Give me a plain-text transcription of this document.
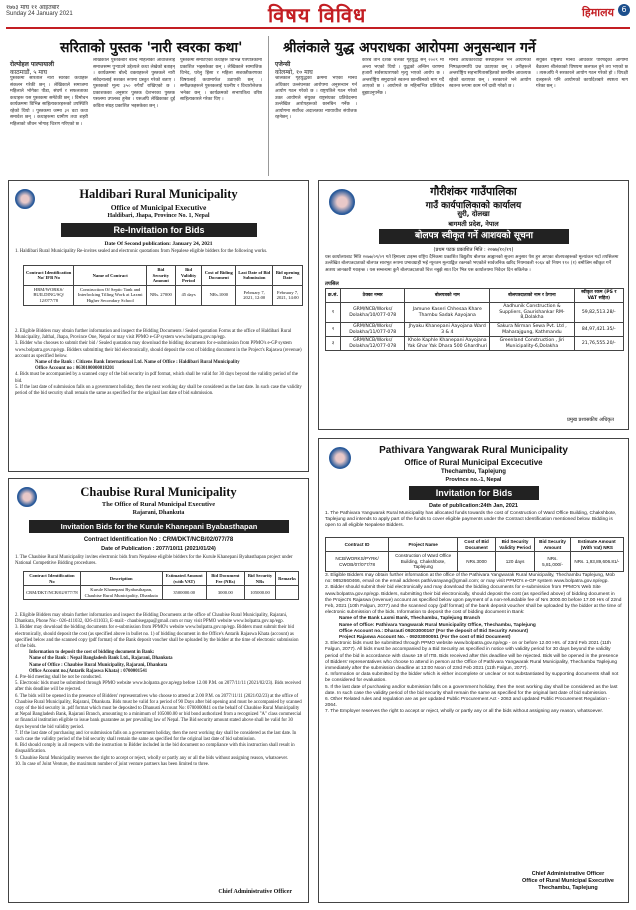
१७७३ माघ ११ आइतबार
Sunday 24 January 2021	विषय विविध	हिमालय 6
सरिताको पुस्तक 'नारी स्वरका कथा'
रोल्पोहल पाल्पायाली
काठमाडौं, ५ माघ
पुस्तकमा सरिताले नारी स्वरका कथाहरू संकलन गरेकी छन् । लेखिकाले समाजमा महिलाले भोगेका पीडा, संघर्ष र सफलताका कथाहरू यस पुस्तकमा समेटेकी छन् । विमोचन कार्यक्रममा विभिन्न साहित्यकारहरूको उपस्थिति रहेको थियो । पुस्तकमा जम्मा ३२ वटा कथा समावेश छन् । कथाहरूमा ग्रामीण तथा शहरी महिलाको जीवन भोगाइ चित्रण गरिएको छ ।
लेखिकाले पुस्तकबारे बोल्दै महिलाको आवाजलाई समाजसम्म पुर्‍याउने उद्देश्यले कथा लेखेको बताइन् । कार्यक्रममा बोल्दै वक्ताहरूले पुस्तकले नारी संवेदनालाई सशक्त रूपमा प्रस्तुत गरेको बताए । पुस्तकको मूल्य ३५० रुपैयाँ राखिएको छ । प्रकाशकका अनुसार पुस्तक देशभरका पुस्तक पसलमा उपलब्ध हुनेछ । यसअघि लेखिकाका दुई कविता संग्रह प्रकाशित भइसकेका छन् ।
पुस्तकमा समेटिएका कथाहरू विभिन्न पत्रपत्रिकामा प्रकाशित भइसकेका छन् । लेखिकाले सामाजिक विभेद, घरेलु हिंसा र महिला सशक्तीकरणका विषयलाई कथामार्फत उठाएकी छन् । समीक्षकहरूले पुस्तकलाई पठनीय र विचारोत्तेजक भनेका छन् । कार्यक्रमको सभापतित्व वरिष्ठ साहित्यकारले गरेका थिए ।
श्रीलंकाले युद्ध अपराधका आरोपमा अनुसन्धान गर्ने
एजेन्सी
कोलम्बो, १० माघ
श्रीलंकाले गृहयुद्धका क्रममा भएका मानव अधिकार उल्लंघनका आरोपमा अनुसन्धान गर्न आयोग गठन गरेको छ । राष्ट्रपतिले गठन गरेको उक्त आयोगले संयुक्त राष्ट्रसंघका प्रतिवेदनमा उल्लेखित आरोपहरूको छानबिन गर्नेछ । आयोगमा सर्वोच्च अदालतका न्यायाधीश संयोजक रहनेछन् ।
करिब तीन दशक चलेको गृहयुद्ध सन् २००९ मा अन्त्य भएको थियो । युद्धको अन्तिम चरणमा हजारौं सर्वसाधारणको मृत्यु भएको आरोप छ । अन्तर्राष्ट्रिय समुदायले स्वतन्त्र छानबिनको माग गर्दै आएको छ । आयोगले छ महिनाभित्र प्रतिवेदन बुझाउनुपर्नेछ ।
मानव अधिकारवादी संस्थाहरूले भने आयोगको निष्पक्षतामाथि प्रश्न उठाएका छन् । उनीहरूले अन्तर्राष्ट्रिय सहभागितासहितको छानबिन आवश्यक रहेको बताएका छन् । सरकारले भने आयोग स्वतन्त्र रूपमा काम गर्ने दाबी गरेको छ ।
संयुक्त राष्ट्रसंघ मानव अधिकार परिषद्को आगामी बैठकमा श्रीलंकाको विषयमा छलफल हुने तय भएको छ । त्यसअघि नै सरकारले आयोग गठन गरेको हो । विपक्षी दलहरूले पनि आयोगको कार्यादेशबारे स्पष्टता माग गरेका छन् ।
Haldibari Rural Municipality
Office of Municipal Executive
Haldibari, Jhapa, Province No. 1, Nepal
Re-Invitation for Bids
Date Of Second publication: January 24, 2021
1. Haldibari Rural Municipality Re-invites sealed and electronic quotations from Nepalese eligible bidders for the following works.
Contract Identification No/ IFB No	Name of Contract	Bid Security Amount	Bid Validity Period	Cost of Biding Document	Last Date of Bid Submission	Bid opening Date
HRM/WORKS/ BUILDING/SQ/ 12/077/78	Construction Of Septic Tank and Interlocking Tilling Work at Laxmi Higher Secondary School	NRs. 27000	45 days	NRs.1000	February 7, 2021, 12:00	February 7, 2021, 14:00
2. Eligible Bidders may obtain further information and inspect the Bidding Documents / Sealed quotation Forms at the office of Haldibari Rural Municipality, Jalthal, Jhapa, Province One, Nepal or may visit PPMO e-GP system www.bolpatra.gov.np/egp.
3. Bidder who chooses to submit their bid / Sealed quotation may download the bidding documents for e-submission from PPMO's e-GP system www.bolpatra.gov.np/egp. Bidders submitting their bid electronically, should deposit the cost of bidding document in the Project's Rajaswa (revenue) account as specified below.
Name of the Bank : Citizens Bank International Ltd. Name of Office : Haldibari Rural Municipality
Office Account no : 0630100000018201
4. Bids must be accompanied by a scanned copy of the bid security in pdf format, which shall be valid for 30 days beyond the validity period of the bid.
5. If the last date of submission falls on a government holiday, then the next working day shall be considered as the last date. In such case the validity period of the bid security shall remain the same as specified for the original last date of bid submission.
गौरीशंकर गाउँपालिका
गाउँ कार्यपालिकाको कार्यालय
सुरी, दोलखा
बागमती प्रदेश, नेपाल
बोलपत्र स्वीकृत गर्ने आशयको सूचना
(प्रथम पटक प्रकाशित मिति : २०७७/१०/११)
यस कार्यालयबाट मिति २०७७/०९/०९ गते हिमालय टाइम्स राष्ट्रिय दैनिकमा प्रकाशित विद्युतीय बोलपत्र आह्वानको सूचना अनुसार पेश हुन आएका बोलपत्रहरूको मूल्यांकन गर्दा तपसिलमा उल्लेखित बोलपत्रदाताको बोलपत्र सारभूत रूपमा प्रभावग्राही भई न्यूनतम मूल्याङ्कित रकमको भएकोले सार्वजनिक खरिद नियमावली २०६४ को नियम ११० (१) बमोजिम स्वीकृत गर्ने आशय जानकारी गराइन्छ । यस सम्बन्धमा कुनै बोलपत्रदाताको चित्त नबुझे सात दिन भित्र यस कार्यालयमा निवेदन दिन सकिनेछ ।
तपसिल
क्र.सं.	ठेक्का नम्बर	बोलपत्रको नाम	बोलपत्रदाताको नाम र ठेगाना	स्वीकृत रकम (PS र VAT सहित)
१	GRM/NCB/Works/ Dolakha/10/077-078	Jamune Kaseri Chhesaa Khare Thambu Sadak Aayojana	Aadhunik Construction & Suppliers, Gaurishankar RM-8,Dolakha	59,82,513.28/-
२	GRM/NCB/Works/ Dolakha/11/077-078	Jhyaku Khanepani Aayojana Ward 3 & 4	Sakura Nirman Sewa Pvt. Ltd , Maharajgung, Kathmandu	84,97,421.35/-
३	GRM/NCB/Works/ Dolakha/12/077-078	Khole Kaphle Khanepani Aayojana Yak Ghar Yak Dhara 500 Ghardhuri	Greenland Construction , Jiri Municipality-6,Dolakha	21,76,555.20/-
प्रमुख प्रशासकीय अधिकृत
Chaubise Rural Municipality
The Office of Rural Municipal Executive
Rajarani, Dhankuta
Invitation Bids for the Kurule Khanepani Byabasthapan
Contract Identification No : CRM/DKT/NCB/02/077/78
Date of Publication : 2077/10/11 (2021/01/24)
1. The Chaubise Rural Municipality invites electronic bids from Nepalese eligible bidders for the Kurule Khanepani Byabasthapan project under National Competitive Bidding procedures.
Contract Identification No	Description	Estimated Amount (with VAT)	Bid Document Fee (NRs)	Bid Security NRs	Remarks
CRM/DKT/NCB/02/077/78	Kurule Khanepani Byabasthapan, Chaubise Rural Municipality, Dhankuta	3500000.00	3000.00	105000.00	
2. Eligible Bidders may obtain further information and inspect the Bidding Documents at the office of Chaubise Rural Municipality, Rajarani, Dhankuta, Phone No:- 026-411032, 026-411033, E-mail:- chaubisegapa@gmail.com or may visit PPMO website www.bolpatra.gov.np/egp.
3. Bidder may download the bidding documents for e-submission from PPMO's website www.bolpatra.gov.np/egp. Bidders must submit their bid electronically, should deposit the cost (as specified above in bullet no. 1) of bidding document in the Office's Antarik Rajaswa Khata (account) as specified below and the scanned copy (pdf format) of the Bank deposit voucher shall be uploaded by the bidder at the time of electronic submission of the bids.
Information to deposit the cost of bidding document in Bank:
Name of the Bank : Nepal Bangladesh Bank Ltd., Rajarani, Dhankuta
Name of Office : Chaubise Rural Municipality, Rajarani, Dhankuta
Office Account no.(Antarik Rajaswa Khata) : 0700001541
4. Pre-bid meeting shall be not be conducted.
5. Electronic bids must be submitted through PPMO website www.bolpatra.gov.np/egp before 12.00 P.M. on 2077/11/11 (2021/02/23). Bids received after this deadline will be rejected.
6. The bids will be opened in the presence of Bidders' representatives who choose to attend at 2.00 P.M. on 2077/11/11 (2021/02/23) at the office of Chaubise Rural Municipality, Rajarani, Dhankuta. Bids must be valid for a period of 90 Days after bid opening and must be accompanied by scanned copy of the bid security in .pdf format which must be deposited to Dhanusti Account No: 0700000841 on the behalf of Chaubise Rural Municipality at Nepal Bangladesh Bank, Rajarani Branch, amounting to a minimum of 105000.00 or bid bond authorized from a recognized "A" class commercial or financial institution eligible to issue bank guarantee as per prevailing law of Nepal. The Bid security amount stated above shall be valid for 30 days beyond the bid validity period.
7. If the last date of purchasing and /or submission falls on a government holiday, then the next working day shall be considered as the last date. In such case the validity period of the bid security shall remain the same as specified for the original last date of bid submission.
8. Bid should comply in all respects with the instruction to Bidder included in the bid document no compliance with this instruction shall result in disqualification.
9. Chaubise Rural Municipality reserves the right to accept or reject, wholly or partly any or all the bids without assigning reason, whatsoever.
10. In case of Joint Venture, the maximum number of joint venture partners has been limited to three.
Chief Administrative Officer
Pathivara Yangwarak Rural Municipality
Office of Rural Municipal Excecutive
Thechambu, Taplejung
Province no.-1, Nepal
Invitation for Bids
Date of publication:24th Jan, 2021
1. The Pathivara Yangwarak Rural Municipality has allocated funds towards the cost of Construction of Ward Office Building, Chakshbote, Taplejung and intends to apply part of the funds to cover eligible payments under the Contract Identification mentioned below. Bidding is open to all eligible Nepalese Bidders.
Contract ID	Project Name	Cost of Bid Document	Bid Security Validity Period	Bid Security Amount	Estimate Amount (With Vat) NRS
NCB/WORKS/PYRK/ CWOB/07/077/78	Construction of Ward Office Building, Chakshbote, Taplejung	NRs.3000	120 days	NRs. 5,81,000/-	NRs. 1,93,89,606.81/-
3. Eligible Bidders may obtain further information at the office of the Pathivara Yangwarak Rural Municipality, Thechambu Taplejung, Mob no: 9852660466, email on the email address pathivarayang@gmail.com; or may visit PPMO's e-GP system www.bolpatra.gov.np/egp.
2. Bidder should submit their bid electronically and may download the bidding documents for e-submission from PPMO's Web Site www.bolpatra.gov.np/egp. Bidders, submitting their bid electronically, should deposit the cost (as specified above) of bidding document in the Project's Rajaswa (revenue) account as specified below upon payment of a non-refundable fee of Nrs 3000.00 before 17.00 Hrs of 22nd Feb, 2021 (10th Falgun, 2077) and the scanned copy (pdf format) of the bank deposit voucher shall be uploaded by the bidder at the time of electronic submission of the bids. Information to deposit the cost of bidding document in Bank:
Name of the Bank Laxmi Bank, Thechambu, Taplejung Branch
Name of Office: Pathivara Yangwarak Rural Municipality Office, Thechambu, Taplejung
Office Account no.: Dharauti 09203000167 (For the deposit of Bid Security Amount)
Project Rajaswa Account No. - 09203000051 (For the cost of Bid Document)
3. Electronic bids must be submitted through PPMO website www.bolpatra.gov.np/egp - on or before 12.00 Hrs. of 23rd Feb 2021 (11th Falgun, 2077). All bids must be accompanied by a Bid Security as specified in notice with validity period for 30 days beyond the validity period of the bid in accordance with clause 19 of ITB. Bids received after this deadline will be rejected. Bids will be opened in the presence of Bidders' representatives who choose to attend in person at the Office of Pathivara Yangwarak Rural Municipality, Thechambu Taplejung immediately after the submission deadline at 13:00 Noon of 23rd Feb 2021 (11th Falgun, 2077).
4. Information or data submitted by the bidder which is either incomplete or unclear or not substantiated by supporting documents shall not be considered for evaluation.
5. If the last date of purchasing and/or submission falls on a government holiday, then the next working day shall be considered as the last date. In such case the validity period of the bid security shall remain the same as specified for the original last date of bid submission.
6. Other Related rules and regulation are as per updated Public Procurement Act - 2063 and updated Public Procurement Regulation - 2064.
7. The Employer reserves the right to accept or reject, wholly or partly any or all the bids without assigning any reason, whatsoever.
Chief Administrative Officer
Office of Rural Municipal Executive
Thechambu, Taplejung
